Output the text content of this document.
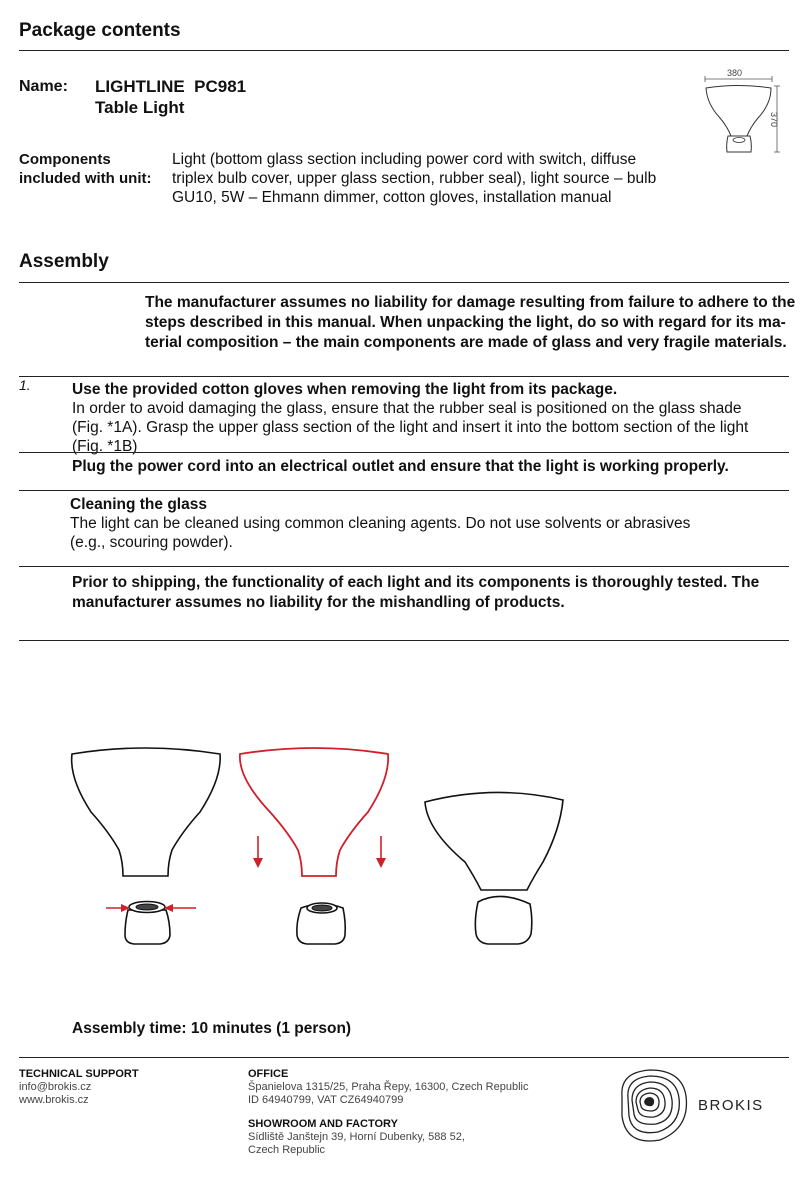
Package contents
Name: LIGHTLINE  PC981
Table Light
380
370
Components
included with unit:
Light (bottom glass section including power cord with switch, diffuse
triplex bulb cover, upper glass section, rubber seal), light source – bulb
GU10, 5W – Ehmann dimmer, cotton gloves, installation manual
Assembly
The manufacturer assumes no liability for damage resulting from failure to adhere to the
steps described in this manual. When unpacking the light, do so with regard for its ma-
terial composition – the main components are made of glass and very fragile materials.
1.	Use the provided cotton gloves when removing the light from its package.
In order to avoid damaging the glass, ensure that the rubber seal is positioned on the glass shade
(Fig. *1A). Grasp the upper glass section of the light and insert it into the bottom section of the light
(Fig. *1B)
Plug the power cord into an electrical outlet and ensure that the light is working properly.
Cleaning the glass
The light can be cleaned using common cleaning agents. Do not use solvents or abrasives
(e.g., scouring powder).
Prior to shipping, the functionality of each light and its components is thoroughly tested. The
manufacturer assumes no liability for the mishandling of products.
Assembly time: 10 minutes (1 person)
TECHNICAL SUPPORT
info@brokis.cz
www.brokis.cz
OFFICE
Španielova 1315/25, Praha Řepy, 16300, Czech Republic
ID 64940799, VAT CZ64940799
SHOWROOM AND FACTORY
Sídliště Janštejn 39, Horní Dubenky, 588 52,
Czech Republic
BROKIS
